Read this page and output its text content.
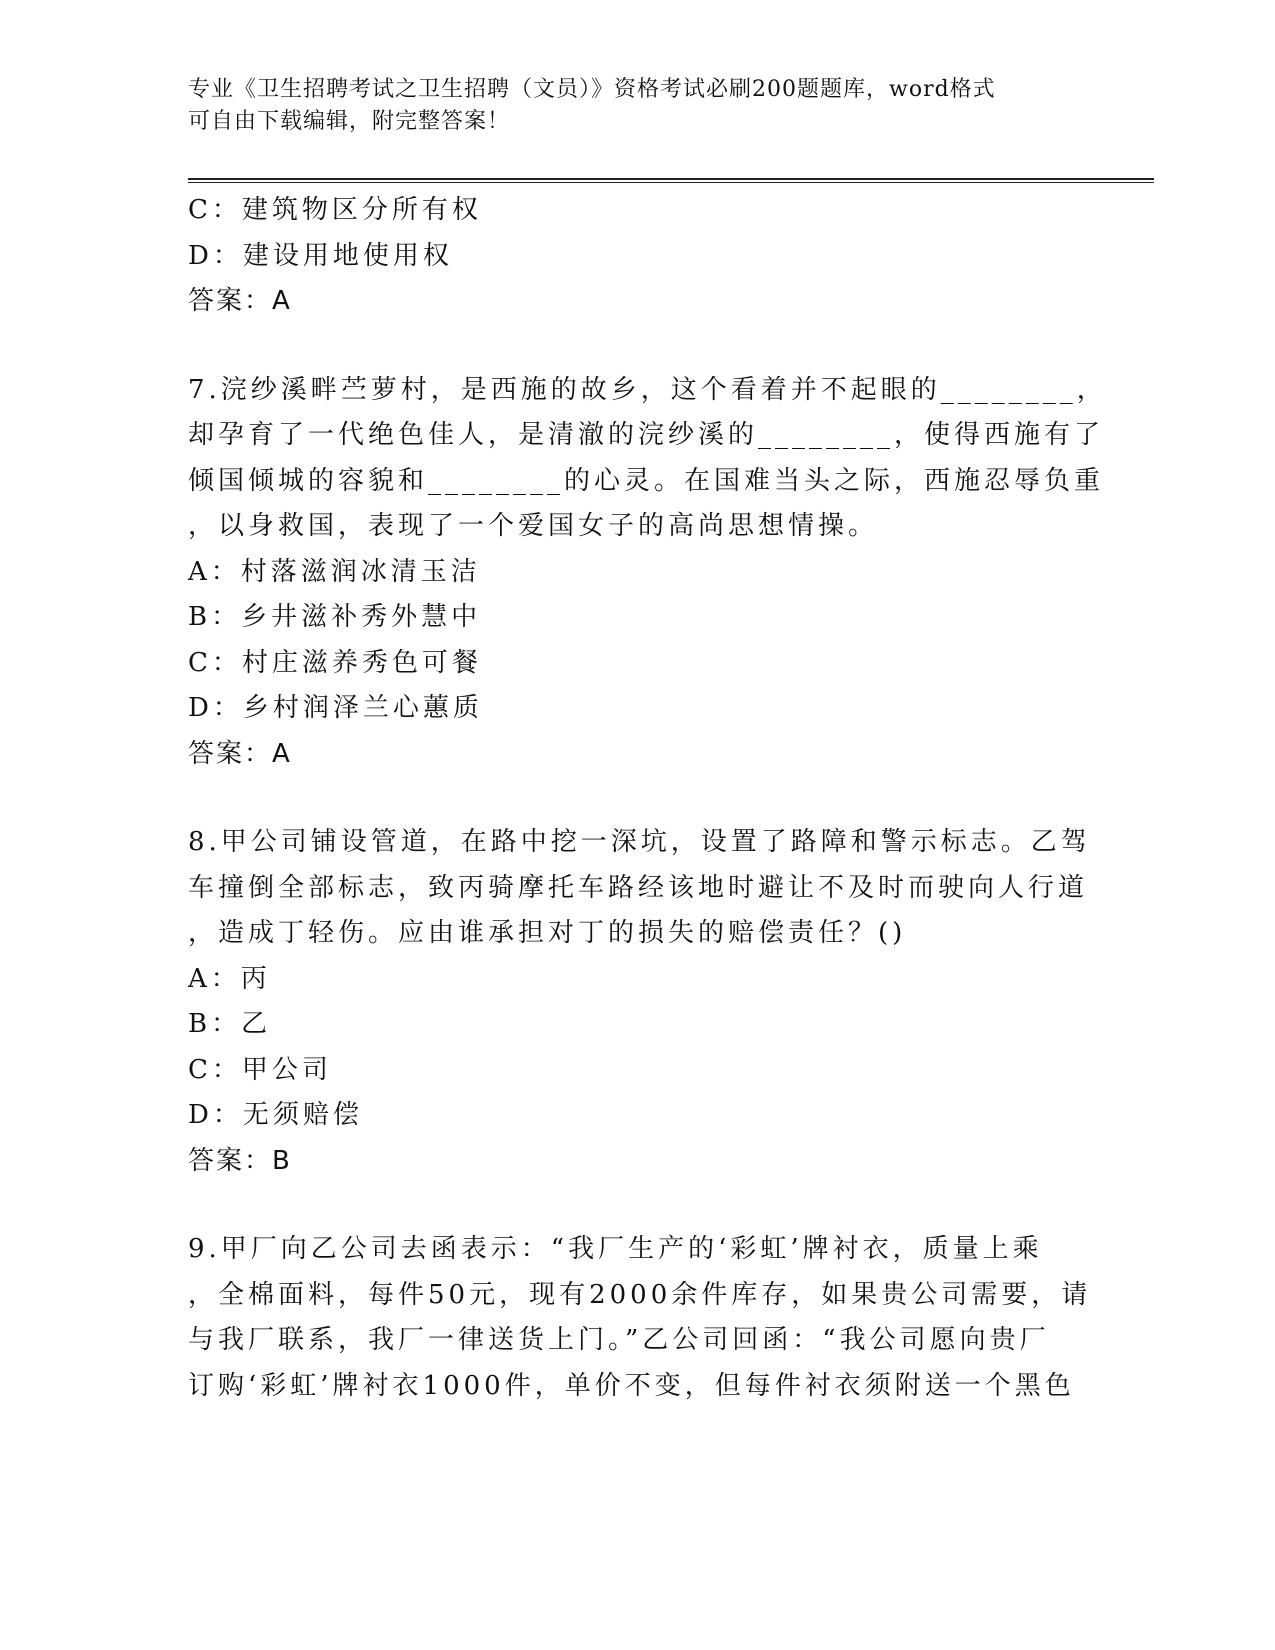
专业《卫生招聘考试之卫生招聘（文员）》资格考试必刷200题题库，word格式
可自由下载编辑，附完整答案！
C：建筑物区分所有权
D：建设用地使用权
答案：A
7.浣纱溪畔苎萝村，是西施的故乡，这个看着并不起眼的________，
却孕育了一代绝色佳人，是清澈的浣纱溪的________，使得西施有了
倾国倾城的容貌和________的心灵。在国难当头之际，西施忍辱负重
，以身救国，表现了一个爱国女子的高尚思想情操。
A：村落滋润冰清玉洁
B：乡井滋补秀外慧中
C：村庄滋养秀色可餐
D：乡村润泽兰心蕙质
答案：A
8.甲公司铺设管道，在路中挖一深坑，设置了路障和警示标志。乙驾
车撞倒全部标志，致丙骑摩托车路经该地时避让不及时而驶向人行道
，造成丁轻伤。应由谁承担对丁的损失的赔偿责任？()
A：丙
B：乙
C：甲公司
D：无须赔偿
答案：B
9.甲厂向乙公司去函表示：“我厂生产的‘彩虹’牌衬衣，质量上乘
，全棉面料，每件50元，现有2000余件库存，如果贵公司需要，请
与我厂联系，我厂一律送货上门。”乙公司回函：“我公司愿向贵厂
订购‘彩虹’牌衬衣1000件，单价不变，但每件衬衣须附送一个黑色
